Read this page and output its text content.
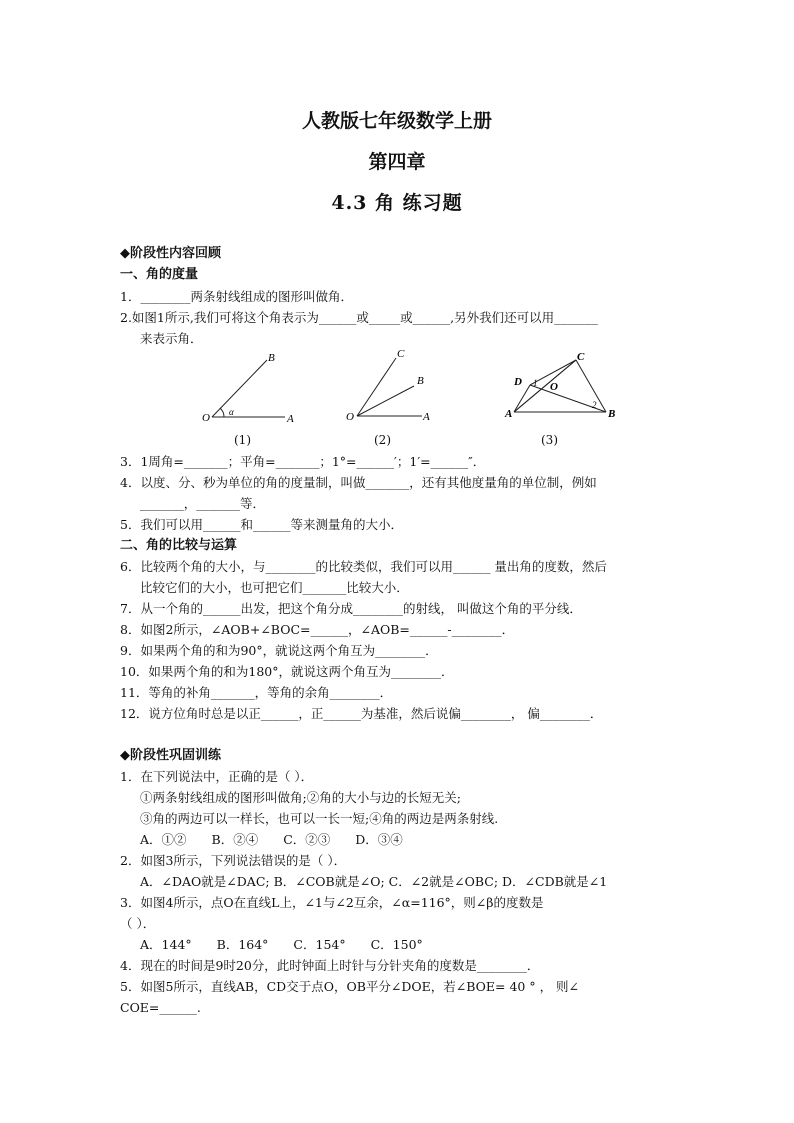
人教版七年级数学上册
第四章
4.3 角 练习题
◆阶段性内容回顾
一、角的度量
1．________两条射线组成的图形叫做角．
2.如图1所示,我们可将这个角表示为______或_____或______,另外我们还可以用_______
来表示角．
B
O α
A
(1)
C
B
O	A
(2)
C
D 1 O
2
A	B
(3)
3．1周角=_______；平角=_______；1°=______′；1′=______″．
4．以度、分、秒为单位的角的度量制，叫做_______，还有其他度量角的单位制，例如
_______，_______等．
5．我们可以用______和______等来测量角的大小．
二、角的比较与运算
6．比较两个角的大小，与________的比较类似，我们可以用______ 量出角的度数，然后
比较它们的大小，也可把它们_______比较大小．
7．从一个角的______出发，把这个角分成________的射线， 叫做这个角的平分线．
8．如图2所示，∠AOB+∠BOC=______，∠AOB=______-________．
9．如果两个角的和为90°，就说这两个角互为________．
10．如果两个角的和为180°，就说这两个角互为________．
11．等角的补角_______，等角的余角________．
12．说方位角时总是以正______，正______为基准，然后说偏________， 偏________．
◆阶段性巩固训练
1．在下列说法中，正确的是（ ）．
①两条射线组成的图形叫做角;②角的大小与边的长短无关;
③角的两边可以一样长，也可以一长一短;④角的两边是两条射线.
A．①②　　B．②④　　C．②③　　D．③④
2．如图3所示，下列说法错误的是（ ）．
A．∠DAO就是∠DAC; B．∠COB就是∠O; C．∠2就是∠OBC; D．∠CDB就是∠1
3．如图4所示，点O在直线L上，∠1与∠2互余，∠α=116°，则∠β的度数是
（ ）．
A．144°　　B．164°　　C．154°　　C．150°
4．现在的时间是9时20分，此时钟面上时针与分针夹角的度数是________．
5．如图5所示，直线AB，CD交于点O，OB平分∠DOE，若∠BOE= 40 ° ， 则∠
COE=______.
